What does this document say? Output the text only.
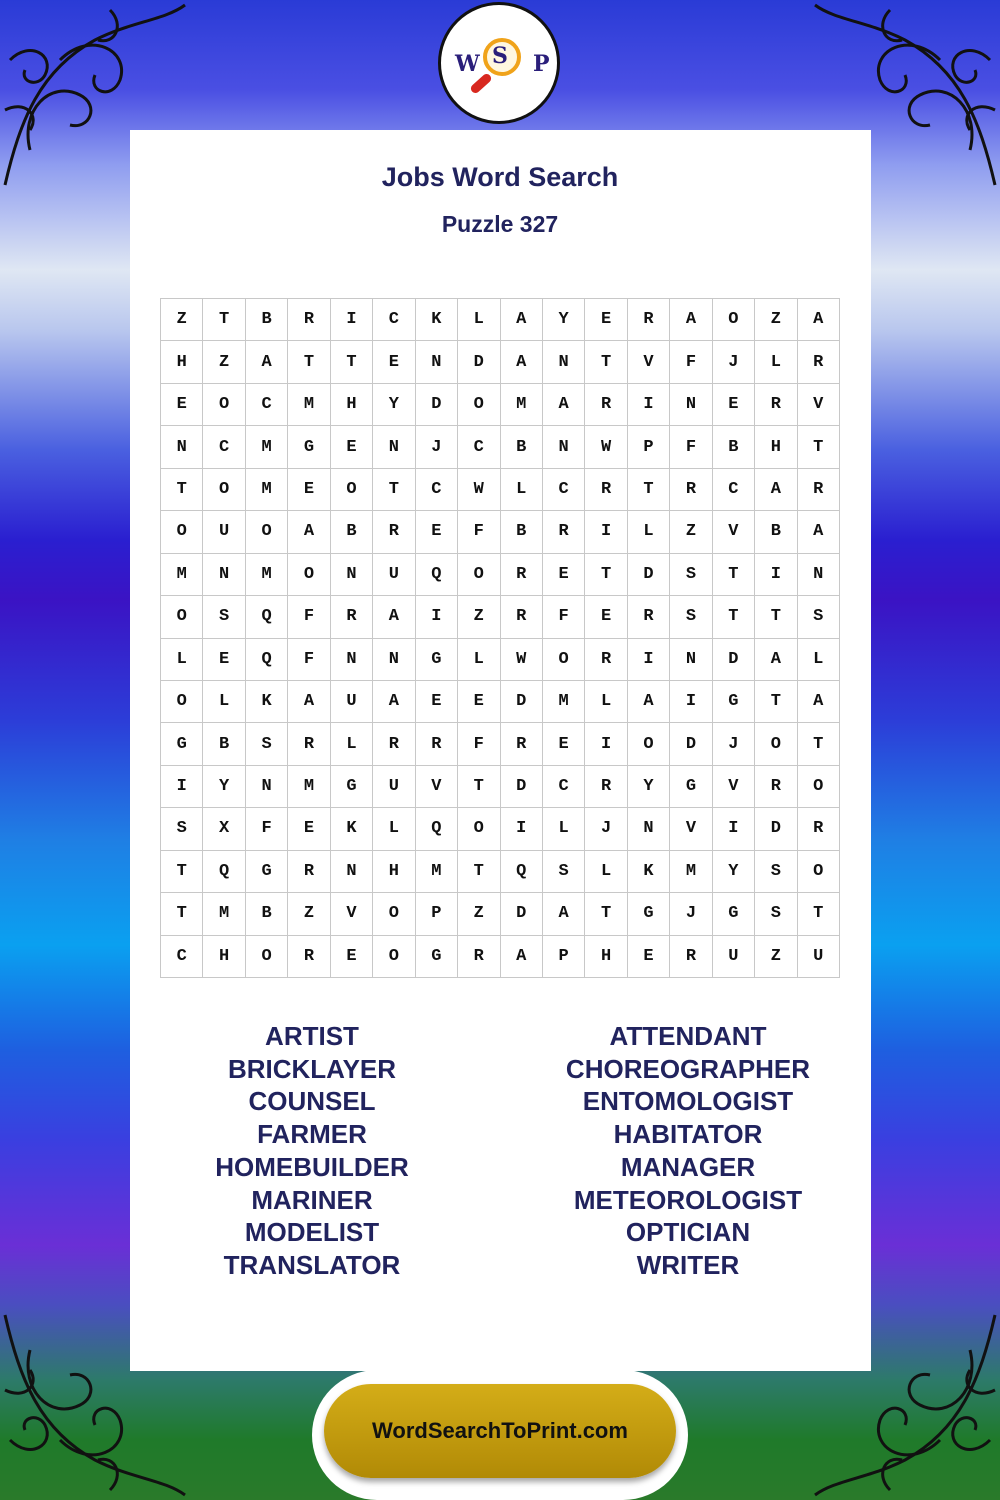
W S P
Jobs Word Search
Puzzle 327
Z	T	B	R	I	C	K	L	A	Y	E	R	A	O	Z	A
H	Z	A	T	T	E	N	D	A	N	T	V	F	J	L	R
E	O	C	M	H	Y	D	O	M	A	R	I	N	E	R	V
N	C	M	G	E	N	J	C	B	N	W	P	F	B	H	T
T	O	M	E	O	T	C	W	L	C	R	T	R	C	A	R
O	U	O	A	B	R	E	F	B	R	I	L	Z	V	B	A
M	N	M	O	N	U	Q	O	R	E	T	D	S	T	I	N
O	S	Q	F	R	A	I	Z	R	F	E	R	S	T	T	S
L	E	Q	F	N	N	G	L	W	O	R	I	N	D	A	L
O	L	K	A	U	A	E	E	D	M	L	A	I	G	T	A
G	B	S	R	L	R	R	F	R	E	I	O	D	J	O	T
I	Y	N	M	G	U	V	T	D	C	R	Y	G	V	R	O
S	X	F	E	K	L	Q	O	I	L	J	N	V	I	D	R
T	Q	G	R	N	H	M	T	Q	S	L	K	M	Y	S	O
T	M	B	Z	V	O	P	Z	D	A	T	G	J	G	S	T
C	H	O	R	E	O	G	R	A	P	H	E	R	U	Z	U
ARTIST
BRICKLAYER
COUNSEL
FARMER
HOMEBUILDER
MARINER
MODELIST
TRANSLATOR
ATTENDANT
CHOREOGRAPHER
ENTOMOLOGIST
HABITATOR
MANAGER
METEOROLOGIST
OPTICIAN
WRITER
WordSearchToPrint.com
